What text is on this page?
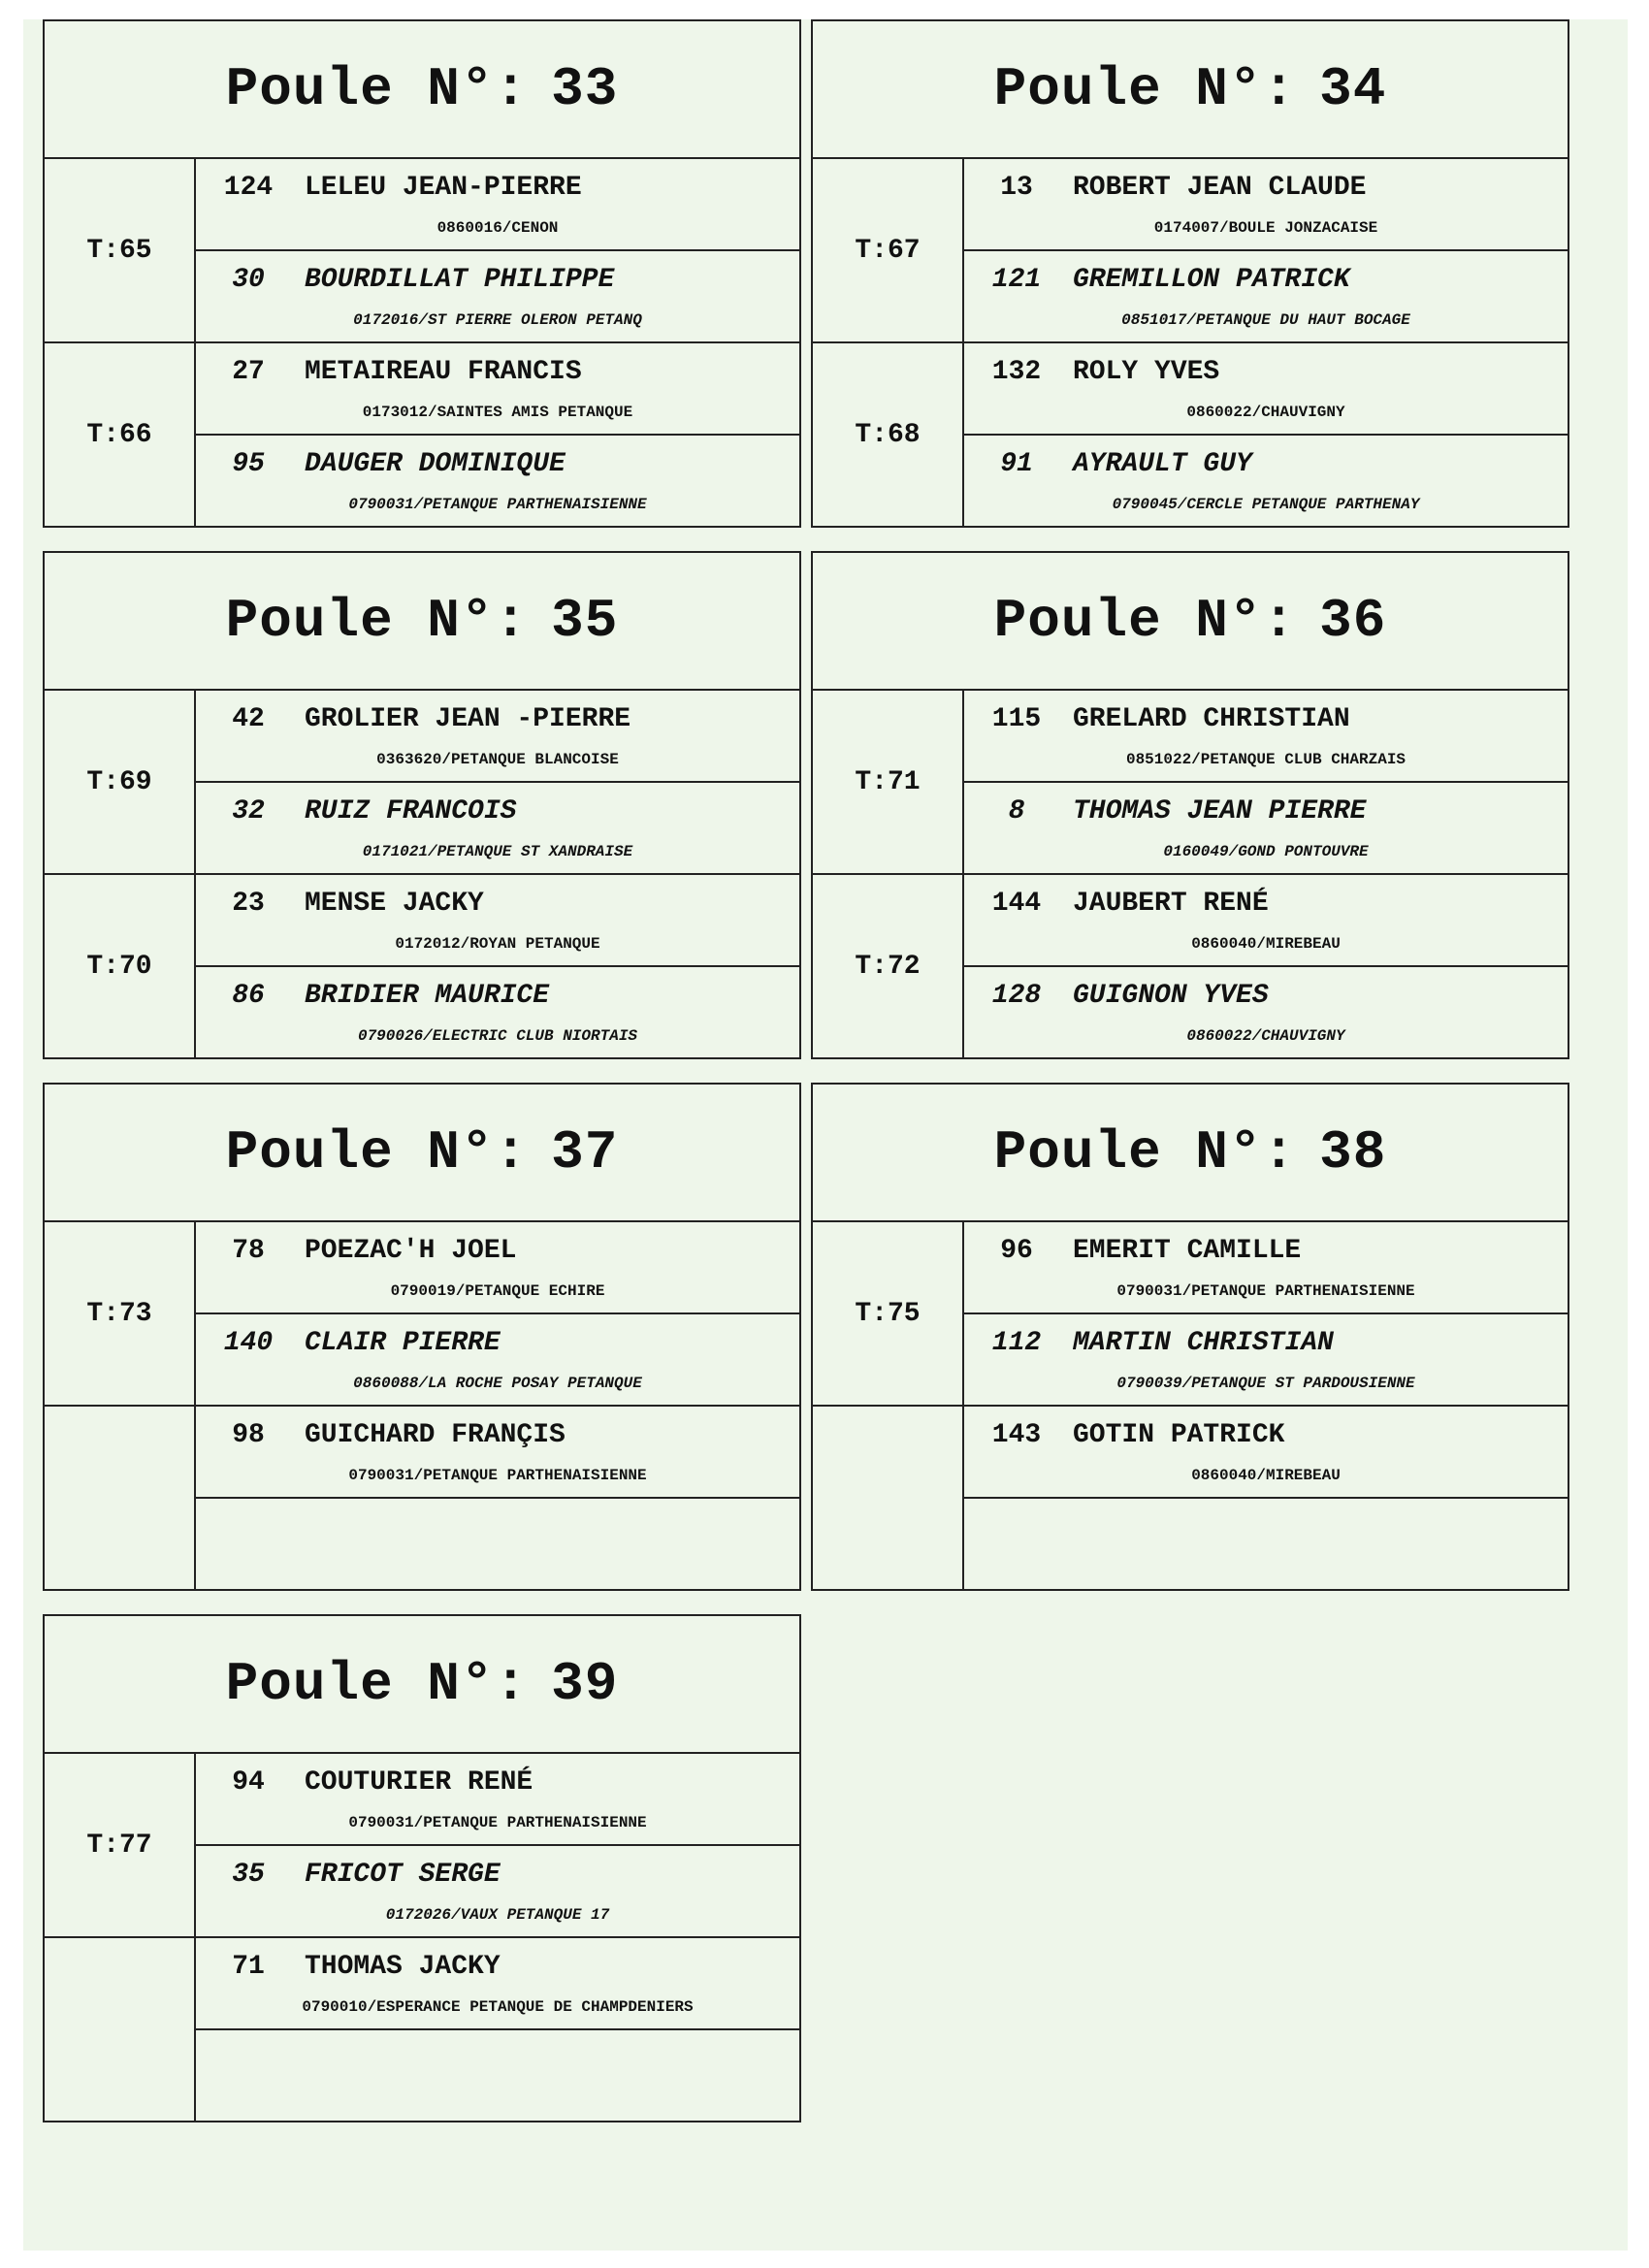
Poule N°: 33
T:65
124 LELEU JEAN-PIERRE
0860016/CENON
30 BOURDILLAT PHILIPPE
0172016/ST PIERRE OLERON PETANQ
T:66
27 METAIREAU FRANCIS
0173012/SAINTES AMIS PETANQUE
95 DAUGER DOMINIQUE
0790031/PETANQUE PARTHENAISIENNE
Poule N°: 34
T:67
13 ROBERT JEAN CLAUDE
0174007/BOULE JONZACAISE
121 GREMILLON PATRICK
0851017/PETANQUE DU HAUT BOCAGE
T:68
132 ROLY YVES
0860022/CHAUVIGNY
91 AYRAULT GUY
0790045/CERCLE PETANQUE PARTHENAY
Poule N°: 35
T:69
42 GROLIER JEAN -PIERRE
0363620/PETANQUE BLANCOISE
32 RUIZ FRANCOIS
0171021/PETANQUE ST XANDRAISE
T:70
23 MENSE JACKY
0172012/ROYAN PETANQUE
86 BRIDIER MAURICE
0790026/ELECTRIC CLUB NIORTAIS
Poule N°: 36
T:71
115 GRELARD CHRISTIAN
0851022/PETANQUE CLUB CHARZAIS
8 THOMAS JEAN PIERRE
0160049/GOND PONTOUVRE
T:72
144 JAUBERT RENÉ
0860040/MIREBEAU
128 GUIGNON YVES
0860022/CHAUVIGNY
Poule N°: 37
T:73
78 POEZAC'H JOEL
0790019/PETANQUE ECHIRE
140 CLAIR PIERRE
0860088/LA ROCHE POSAY PETANQUE
98 GUICHARD FRANÇIS
0790031/PETANQUE PARTHENAISIENNE
Poule N°: 38
T:75
96 EMERIT CAMILLE
0790031/PETANQUE PARTHENAISIENNE
112 MARTIN CHRISTIAN
0790039/PETANQUE ST PARDOUSIENNE
143 GOTIN PATRICK
0860040/MIREBEAU
Poule N°: 39
T:77
94 COUTURIER RENÉ
0790031/PETANQUE PARTHENAISIENNE
35 FRICOT SERGE
0172026/VAUX PETANQUE 17
71 THOMAS JACKY
0790010/ESPERANCE PETANQUE DE CHAMPDENIERS
